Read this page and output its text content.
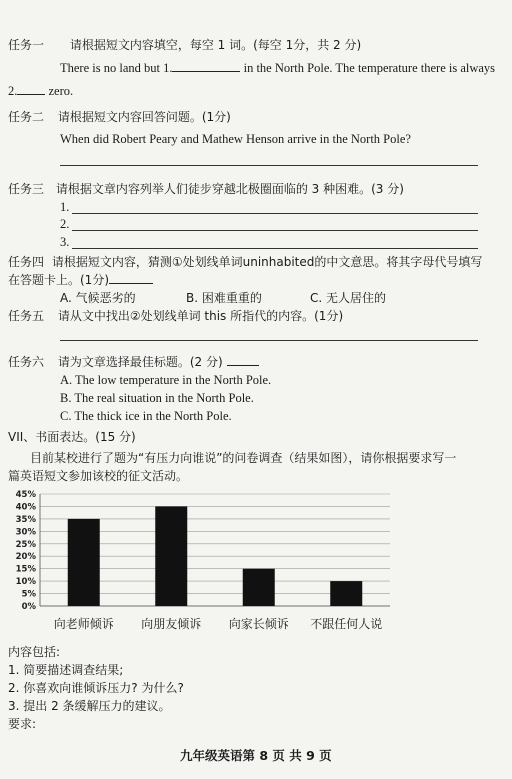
任务一 请根据短文内容填空，每空 1 词。(每空 1分，共 2 分)
There is no land but 1.	in the North Pole. The temperature there is always
2. zero.
任务二 请根据短文内容回答问题。(1分)
When did Robert Peary and Mathew Henson arrive in the North Pole?
任务三 请根据文章内容列举人们徒步穿越北极圈面临的 3 种困难。(3 分)
1.
2.
3.
任务四 请根据短文内容，猜测①处划线单词uninhabited的中文意思。将其字母代号填写
在答题卡上。(1分)
A. 气候恶劣的	B. 困难重重的	C. 无人居住的
任务五 请从文中找出②处划线单词 this 所指代的内容。(1分)
任务六 请为文章选择最佳标题。(2 分)
A. The low temperature in the North Pole.
B. The real situation in the North Pole.
C. The thick ice in the North Pole.
VII、书面表达。(15 分)
目前某校进行了题为“有压力向谁说”的问卷调查（结果如图），请你根据要求写一
篇英语短文参加该校的征文活动。
0%
5%
10%
15%
20%
25%
30%
35%
40%
45%
向老师倾诉 向朋友倾诉 向家长倾诉 不跟任何人说
内容包括:
1. 简要描述调查结果;
2. 你喜欢向谁倾诉压力? 为什么?
3. 提出 2 条缓解压力的建议。
要求:
九年级英语第 8 页 共 9 页
